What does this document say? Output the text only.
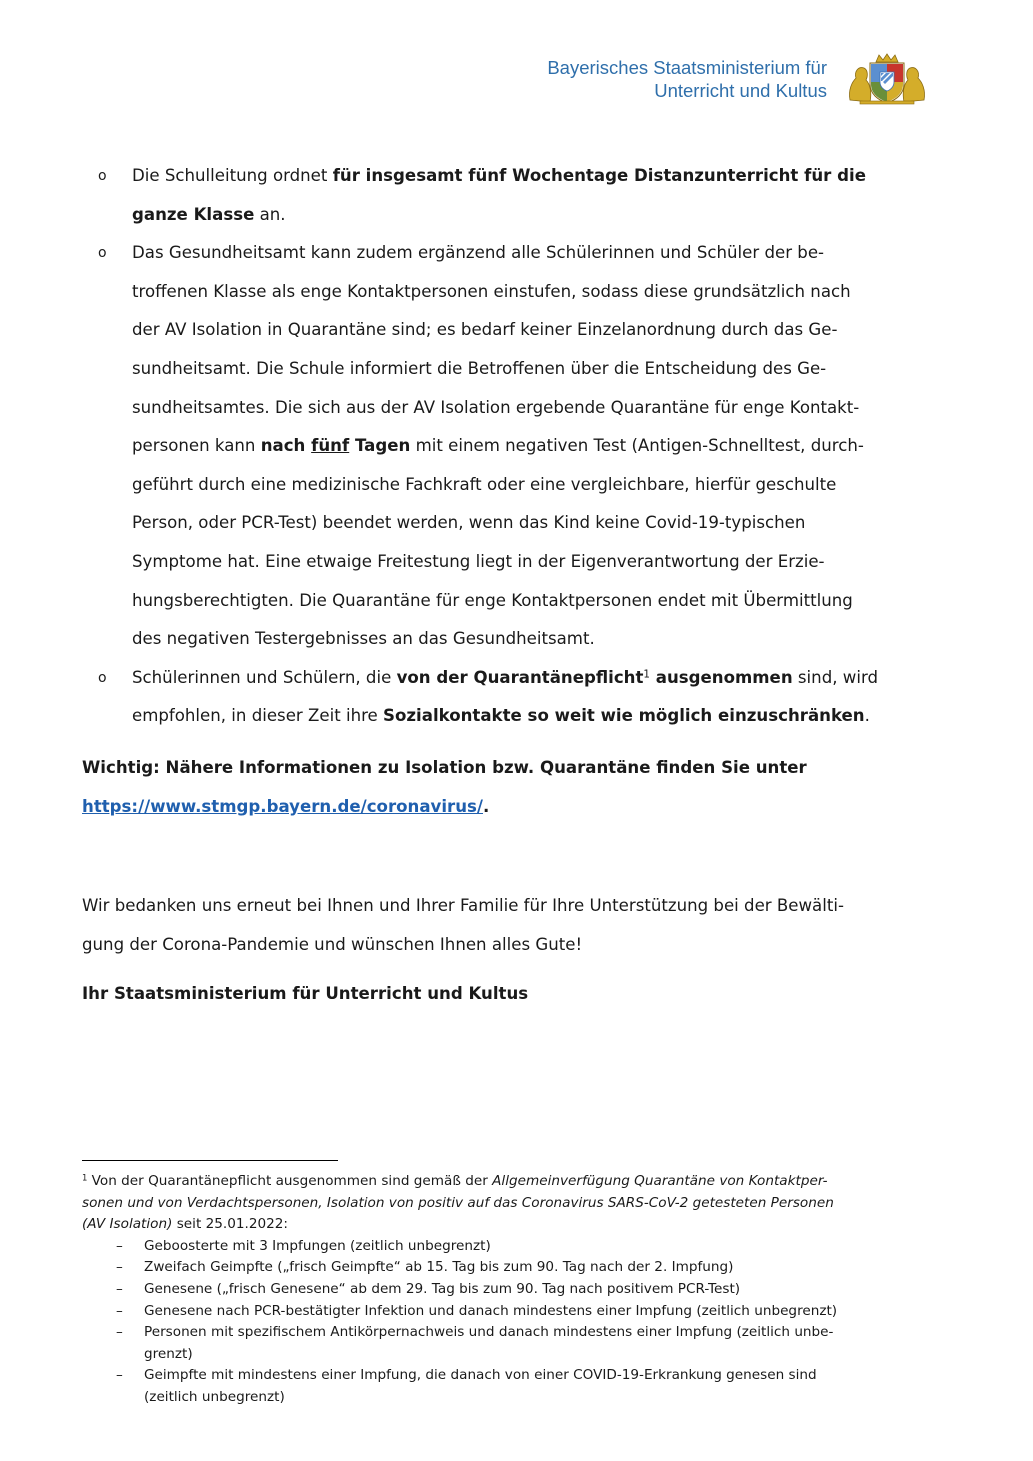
Bayerisches Staatsministerium für
Unterricht und Kultus
o Die Schulleitung ordnet für insgesamt fünf Wochentage Distanzunterricht für die
ganze Klasse an.
o Das Gesundheitsamt kann zudem ergänzend alle Schülerinnen und Schüler der be-
troffenen Klasse als enge Kontaktpersonen einstufen, sodass diese grundsätzlich nach
der AV Isolation in Quarantäne sind; es bedarf keiner Einzelanordnung durch das Ge-
sundheitsamt. Die Schule informiert die Betroffenen über die Entscheidung des Ge-
sundheitsamtes. Die sich aus der AV Isolation ergebende Quarantäne für enge Kontakt-
personen kann nach fünf Tagen mit einem negativen Test (Antigen-Schnelltest, durch-
geführt durch eine medizinische Fachkraft oder eine vergleichbare, hierfür geschulte
Person, oder PCR-Test) beendet werden, wenn das Kind keine Covid-19-typischen
Symptome hat. Eine etwaige Freitestung liegt in der Eigenverantwortung der Erzie-
hungsberechtigten. Die Quarantäne für enge Kontaktpersonen endet mit Übermittlung
des negativen Testergebnisses an das Gesundheitsamt.
o Schülerinnen und Schülern, die von der Quarantänepflicht$^1$ ausgenommen sind, wird
empfohlen, in dieser Zeit ihre Sozialkontakte so weit wie möglich einzuschränken.
Wichtig: Nähere Informationen zu Isolation bzw. Quarantäne finden Sie unter
https://www.stmgp.bayern.de/coronavirus/.
Wir bedanken uns erneut bei Ihnen und Ihrer Familie für Ihre Unterstützung bei der Bewälti-
gung der Corona-Pandemie und wünschen Ihnen alles Gute!
Ihr Staatsministerium für Unterricht und Kultus
$^1$ Von der Quarantänepflicht ausgenommen sind gemäß der Allgemeinverfügung Quarantäne von Kontaktper-
sonen und von Verdachtspersonen, Isolation von positiv auf das Coronavirus SARS-CoV-2 getesteten Personen
(AV Isolation) seit 25.01.2022:
– Geboosterte mit 3 Impfungen (zeitlich unbegrenzt)
– Zweifach Geimpfte („frisch Geimpfte“ ab 15. Tag bis zum 90. Tag nach der 2. Impfung)
– Genesene („frisch Genesene“ ab dem 29. Tag bis zum 90. Tag nach positivem PCR-Test)
– Genesene nach PCR-bestätigter Infektion und danach mindestens einer Impfung (zeitlich unbegrenzt)
– Personen mit spezifischem Antikörpernachweis und danach mindestens einer Impfung (zeitlich unbe-
grenzt)
– Geimpfte mit mindestens einer Impfung, die danach von einer COVID-19-Erkrankung genesen sind
(zeitlich unbegrenzt)
